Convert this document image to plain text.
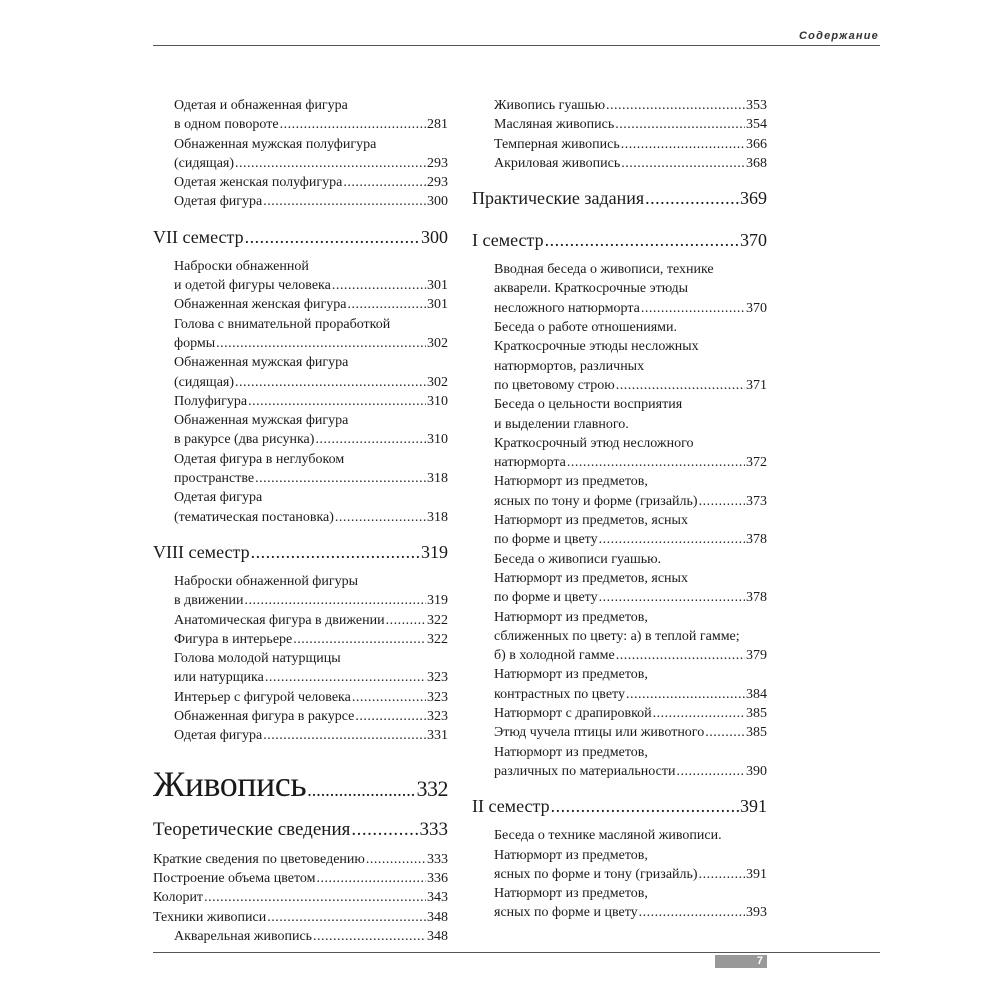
Содержание
Одетая и обнаженная фигура
в одном повороте .....	281
Обнаженная мужская полуфигура
(сидящая) .....	293
Одетая женская полуфигура .....	293
Одетая фигура .....	300
VII семестр .....	300
Наброски обнаженной
и одетой фигуры человека .....	301
Обнаженная женская фигура .....	301
Голова с внимательной проработкой
формы .....	302
Обнаженная мужская фигура
(сидящая) .....	302
Полуфигура .....	310
Обнаженная мужская фигура
в ракурсе (два рисунка) .....	310
Одетая фигура в неглубоком
пространстве .....	318
Одетая фигура
(тематическая постановка) .....	318
VIII семестр .....	319
Наброски обнаженной фигуры
в движении .....	319
Анатомическая фигура в движении .....	322
Фигура в интерьере .....	322
Голова молодой натурщицы
или натурщика .....	323
Интерьер с фигурой человека .....	323
Обнаженная фигура в ракурсе .....	323
Одетая фигура .....	331
Живопись .....	332
Теоретические сведения .....	333
Краткие сведения по цветоведению .....	333
Построение объема цветом .....	336
Колорит .....	343
Техники живописи .....	348
Акварельная живопись .....	348
Живопись гуашью .....	353
Масляная живопись .....	354
Темперная живопись .....	366
Акриловая живопись .....	368
Практические задания .....	369
I семестр .....	370
Вводная беседа о живописи, технике
акварели. Краткосрочные этюды
несложного натюрморта .....	370
Беседа о работе отношениями.
Краткосрочные этюды несложных
натюрмортов, различных
по цветовому строю .....	371
Беседа о цельности восприятия
и выделении главного.
Краткосрочный этюд несложного
натюрморта .....	372
Натюрморт из предметов,
ясных по тону и форме (гризайль) .....	373
Натюрморт из предметов, ясных
по форме и цвету .....	378
Беседа о живописи гуашью.
Натюрморт из предметов, ясных
по форме и цвету .....	378
Натюрморт из предметов,
сближенных по цвету: а) в теплой гамме;
б) в холодной гамме .....	379
Натюрморт из предметов,
контрастных по цвету .....	384
Натюрморт с драпировкой .....	385
Этюд чучела птицы или животного .....	385
Натюрморт из предметов,
различных по материальности .....	390
II семестр .....	391
Беседа о технике масляной живописи.
Натюрморт из предметов,
ясных по форме и тону (гризайль) .....	391
Натюрморт из предметов,
ясных по форме и цвету .....	393
7
